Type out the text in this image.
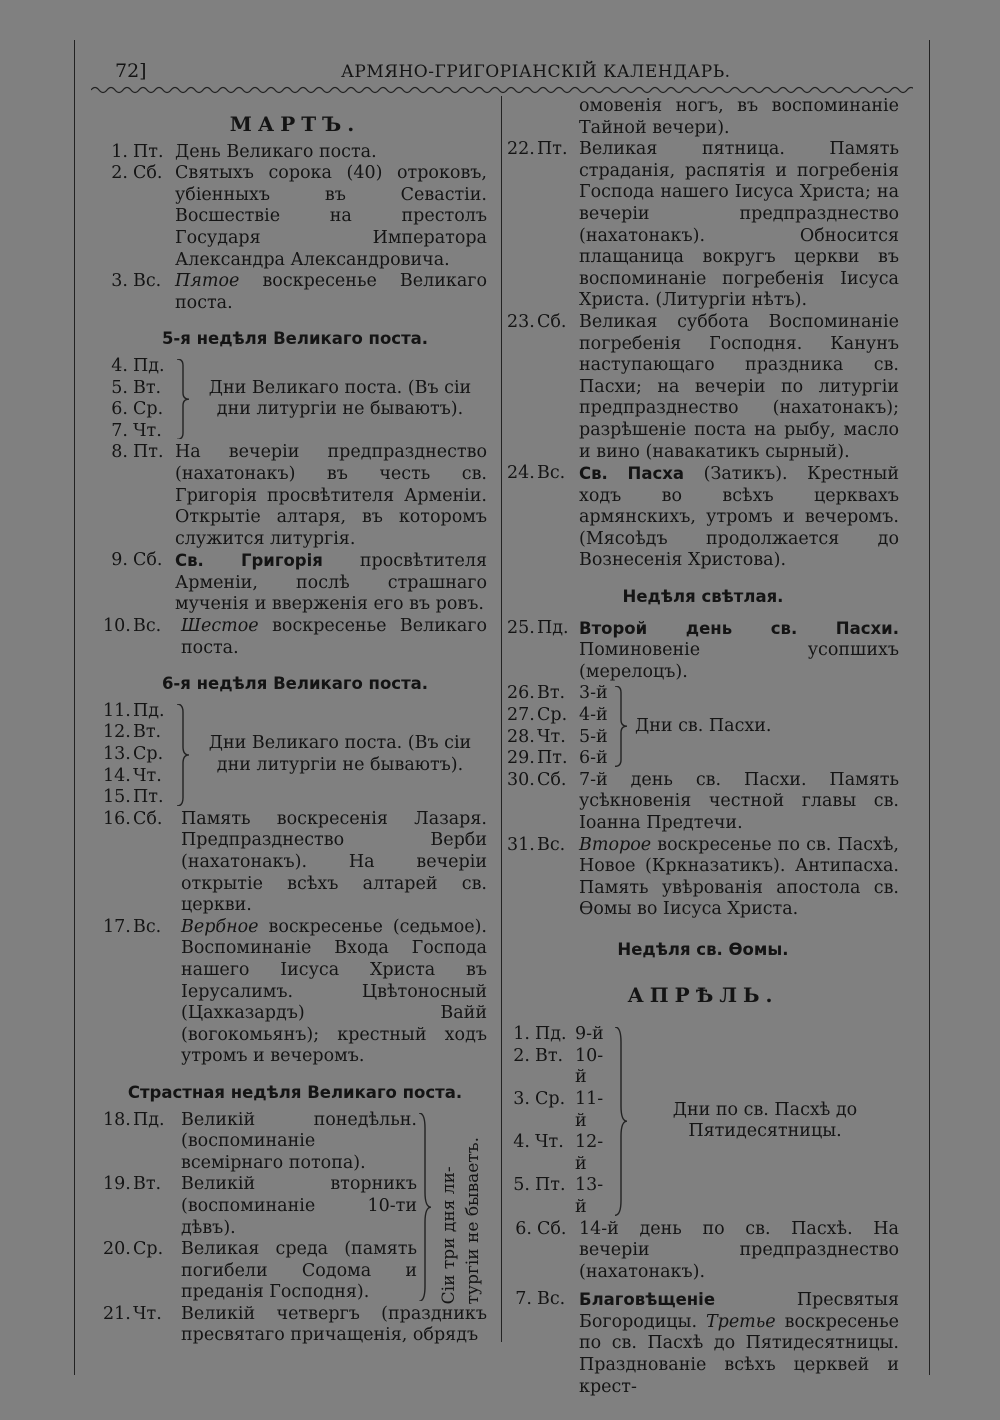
72]	АРМЯНО-ГРИГОРІАНСКІЙ КАЛЕНДАРЬ.
МАРТЪ.
1. Пт. День Великаго поста.
2. Сб. Святыхъ сорока (40) отроковъ, убіенныхъ въ Севастіи. Восшествіе на престолъ Государя Императора Александра Александровича.
3. Вс. Пятое воскресенье Великаго поста.
5-я недѣля Великаго поста.
4. Пд.
5. Вт.
6. Ср.
7. Чт.
Дни Великаго поста. (Въ сіи дни литургіи не бываютъ).
8. Пт. На вечеріи предпразднество (нахатонакъ) въ честь св. Григорія просвѣтителя Арменіи. Открытіе алтаря, въ которомъ служится литургія.
9. Сб. Св. Григорія просвѣтителя Арменіи, послѣ страшнаго мученія и вверженія его въ ровъ.
10. Вс.	Шестое воскресенье Великаго поста.
6-я недѣля Великаго поста.
11. Пд.
12. Вт.
13. Ср.
14. Чт.
15. Пт.
Дни Великаго поста. (Въ сіи дни литургіи не бываютъ).
16. Сб.	Память воскресенія Лазаря. Предпразднество Верби (нахатонакъ). На вечеріи открытіе всѣхъ алтарей св. церкви.
17. Вс.	Вербное воскресенье (седьмое). Воспоминаніе Входа Господа нашего Іисуса Христа въ Іерусалимъ. Цвѣтоносный (Цахказардъ) Вайй (вогокомьянъ); крестный ходъ утромъ и вечеромъ.
Страстная недѣля Великаго поста.
18. Пд. Великій понедѣльн. (воспоминаніе всемірнаго потопа).
19. Вт.	Великій вторникъ (воспоминаніе 10-ти дѣвъ).
20. Ср.	Великая среда (память погибели Содома и преданія Господня).	Сіи три дня ли- тургіи не бываетъ.
21. Чт.	Великій четвергъ (праздникъ пресвятаго причащенія, обрядъ
омовенія ногъ, въ воспоминаніе Тайной вечери).
22. Пт. Великая пятница. Память страданія, распятія и погребенія Господа нашего Іисуса Христа; на вечеріи предпразднество (нахатонакъ). Обносится плащаница вокругъ церкви въ воспоминаніе погребенія Іисуса Христа. (Литургіи нѣтъ).
23. Сб. Великая суббота Воспоминаніе погребенія Господня. Канунъ наступающаго праздника св. Пасхи; на вечеріи по литургіи предпразднество (нахатонакъ); разрѣшеніе поста на рыбу, масло и вино (навакатикъ сырный).
24. Вс. Св. Пасха (Затикъ). Крестный ходъ во всѣхъ церквахъ армянскихъ, утромъ и вечеромъ. (Мясоѣдъ продолжается до Вознесенія Христова).
Недѣля свѣтлая.
25. Пд. Второй день св. Пасхи. Поминовеніе усопшихъ (мерелоцъ).
26. Вт. 3-й
27. Ср. 4-й
28. Чт. 5-й
29. Пт. 6-й
Дни св. Пасхи.
30. Сб. 7-й день св. Пасхи. Память усѣкновенія честной главы св. Іоанна Предтечи.
31. Вс. Второе воскресенье по св. Пасхѣ, Новое (Кркназатикъ). Антипасха. Память увѣрованія апостола св. Ѳомы во Іисуса Христа.
Недѣля св. Ѳомы.
АПРѢЛЬ.
1. Пд. 9-й
2. Вт. 10-й
3. Ср. 11-й
4. Чт. 12-й
5. Пт. 13-й
Дни по св. Пасхѣ до Пятидесятницы.
6. Сб. 14-й день по св. Пасхѣ. На вечеріи предпразднество (нахатонакъ).
7. Вс. Благовѣщеніе Пресвятыя Богородицы. Третье воскресенье по св. Пасхѣ до Пятидесятницы. Празднованіе всѣхъ церквей и крест-
